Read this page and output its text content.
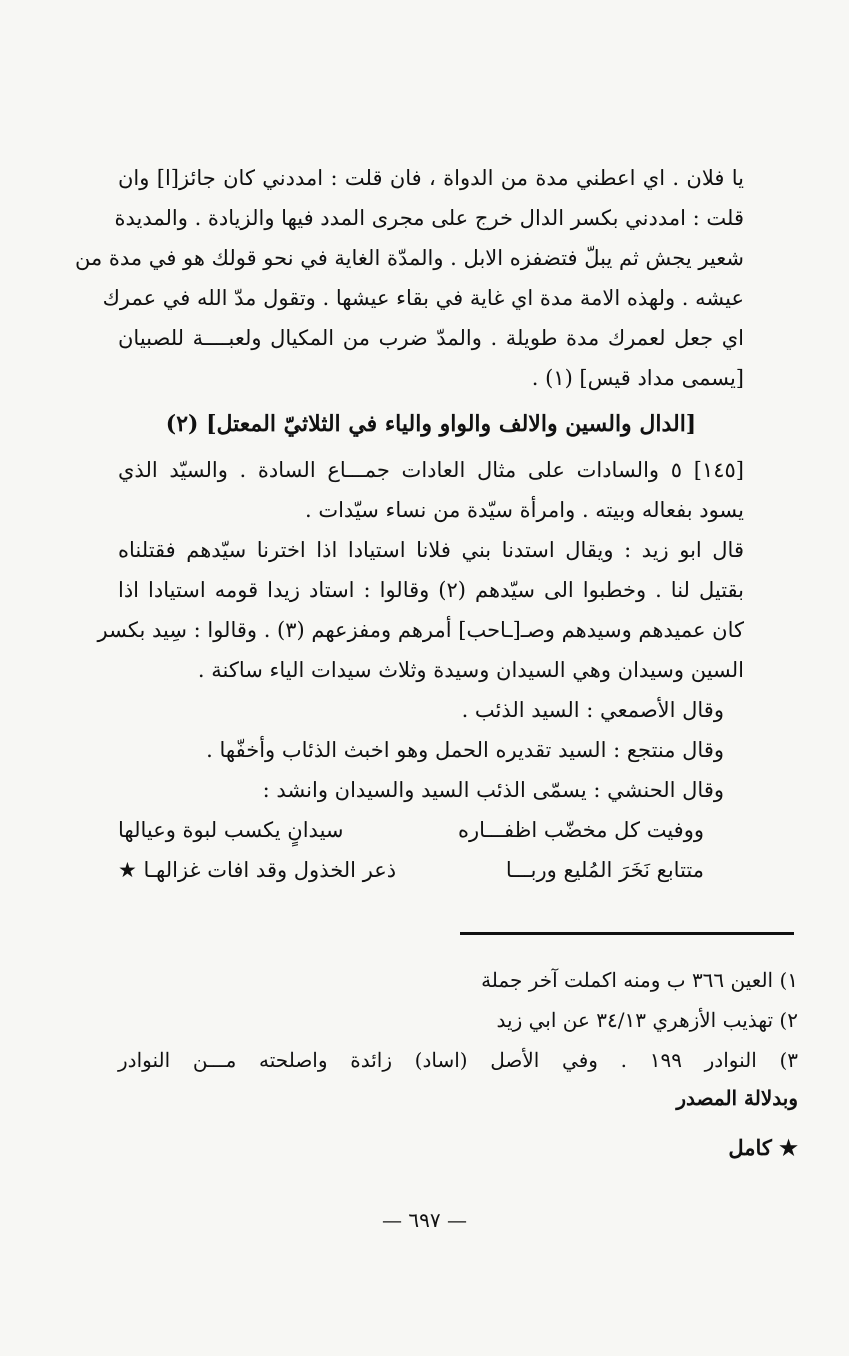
يا فلان . اي اعطني مدة من الدواة ، فان قلت : امددني كان جائز[ا] وان
قلت : امددني بكسر الدال خرج على مجرى المدد فيها والزيادة . والمديدة
شعير يجش ثم يبلّ فتضفزه الابل . والمدّة الغاية في نحو قولك هو في مدة من
عيشه . ولهذه الامة مدة اي غاية في بقاء عيشها . وتقول مدّ الله في عمرك
اي جعل لعمرك مدة طويلة . والمدّ ضرب من المكيال ولعبــــة للصبيان
[يسمى مداد قيس] (١) .
[الدال والسين والالف والواو والياء في الثلاثيّ المعتل] (٢)
[١٤٥] ٥ والسادات على مثال العادات جمـــاع السادة . والسيّد الذي
يسود بفعاله وبيته . وامرأة سيّدة من نساء سيّدات .
قال ابو زيد : ويقال استدنا بني فلانا استيادا اذا اخترنا سيّدهم فقتلناه
بقتيل لنا . وخطبوا الى سيّدهم (٢) وقالوا : استاد زيدا قومه استيادا اذا
كان عميدهم وسيدهم وصـ[ـاحب] أمرهم ومفزعهم (٣) . وقالوا : سِيد بكسر
السين وسيدان وهي السيدان وسيدة وثلاث سيدات الياء ساكنة .
وقال الأصمعي : السيد الذئب .
وقال منتجع : السيد تقديره الحمل وهو اخبث الذئاب وأخفّها .
وقال الحنشي : يسمّى الذئب السيد والسيدان وانشد :
ووفيت كل مخضّب اظفـــاره
سيدانٍ يكسب لبوة وعيالها
متتابع نَخَرَ المُليع وربـــا
ذعر الخذول وقد افات غزالهـا ★
١) العين ٣٦٦ ب ومنه اكملت آخر جملة
٢) تهذيب الأزهري ٣٤/١٣ عن ابي زيد
٣) النوادر ١٩٩ . وفي الأصل (اساد) زائدة واصلحته مـــن النوادر
وبدلالة المصدر
★ كامل
— ٦٩٧ —
